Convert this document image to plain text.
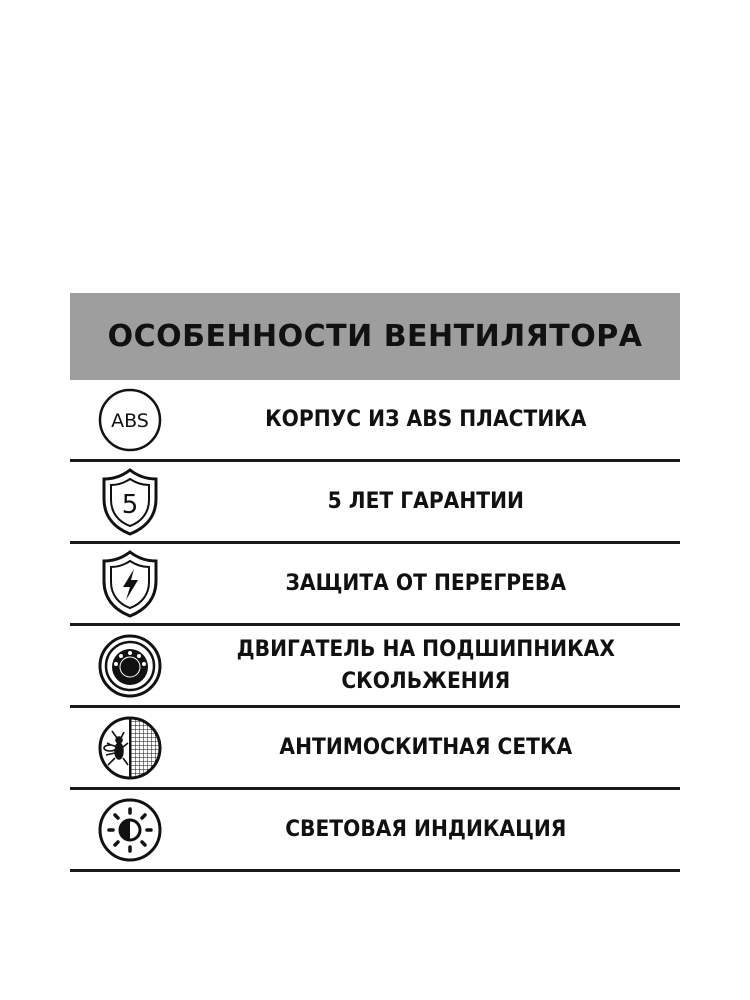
ОСОБЕННОСТИ ВЕНТИЛЯТОРА
ABS	КОРПУС ИЗ ABS ПЛАСТИКА
5	5 ЛЕТ ГАРАНТИИ
ЗАЩИТА ОТ ПЕРЕГРЕВА
ДВИГАТЕЛЬ НА ПОДШИПНИКАХ
СКОЛЬЖЕНИЯ
АНТИМОСКИТНАЯ СЕТКА
СВЕТОВАЯ ИНДИКАЦИЯ
